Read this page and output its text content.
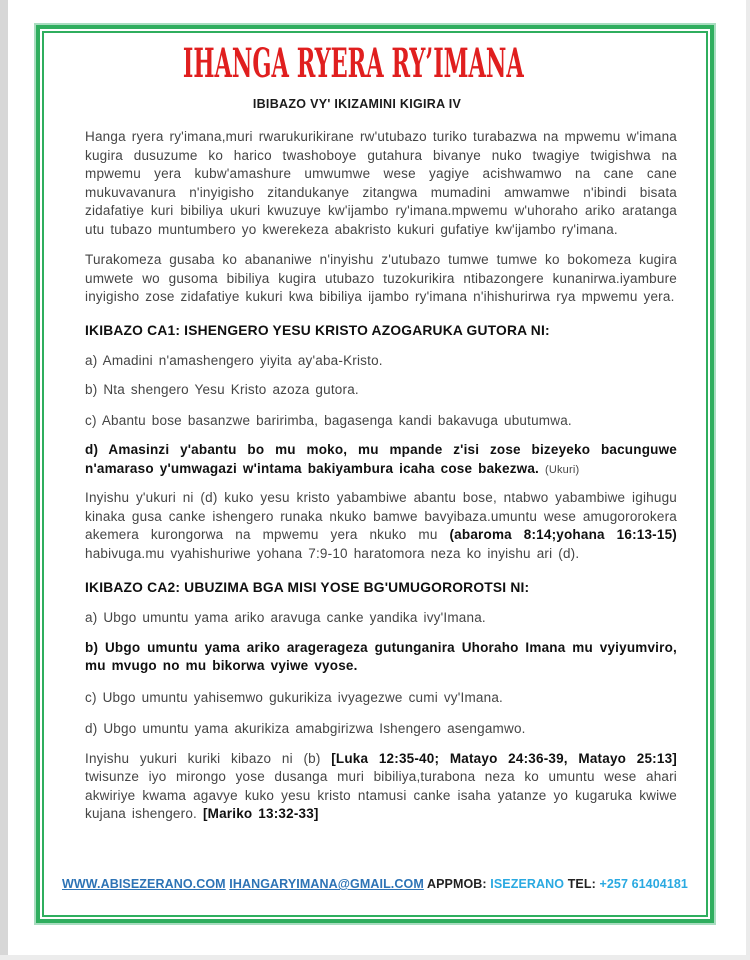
IHANGA RYERA RY’IMANA
IBIBAZO VY' IKIZAMINI KIGIRA IV

Hanga ryera ry'imana,muri rwarukurikirane rw'utubazo turiko turabazwa na mpwemu w'imana kugira dusuzume ko harico twashoboye gutahura bivanye nuko twagiye twigishwa na mpwemu yera kubw'amashure umwumwe wese yagiye acishwamwo na cane cane mukuvavanura n'inyigisho zitandukanye zitangwa mumadini amwamwe n'ibindi bisata zidafatiye kuri bibiliya ukuri kwuzuye kw'ijambo ry'imana.mpwemu w'uhoraho ariko aratanga utu tubazo muntumbero yo kwerekeza abakristo kukuri gufatiye kw'ijambo ry'imana.

Turakomeza gusaba ko abananiwe n'inyishu z'utubazo tumwe tumwe ko bokomeza kugira umwete wo gusoma bibiliya kugira utubazo tuzokurikira ntibazongere kunanirwa.iyambure inyigisho zose zidafatiye kukuri kwa bibiliya ijambo ry'imana n'ihishurirwa rya mpwemu yera.

IKIBAZO CA1: ISHENGERO YESU KRISTO AZOGARUKA GUTORA NI:

a) Amadini n'amashengero yiyita ay'aba-Kristo.

b) Nta shengero Yesu Kristo azoza gutora.

c) Abantu bose basanzwe baririmba, bagasenga kandi bakavuga ubutumwa.

d) Amasinzi y'abantu bo mu moko, mu mpande z'isi zose bizeyeko bacunguwe n'amaraso y'umwagazi w'intama bakiyambura icaha cose bakezwa. (Ukuri)

Inyishu y'ukuri ni (d) kuko yesu kristo yabambiwe abantu bose, ntabwo yabambiwe igihugu kinaka gusa canke ishengero runaka nkuko bamwe bavyibaza.umuntu wese amugororokera akemera kurongorwa na mpwemu yera nkuko mu (abaroma 8:14;yohana 16:13-15) habivuga.mu vyahishuriwe yohana 7:9-10 haratomora neza ko inyishu ari (d).

IKIBAZO CA2: UBUZIMA BGA MISI YOSE BG'UMUGOROROTSI NI:

a) Ubgo umuntu yama ariko aravuga canke yandika ivy'Imana.

b) Ubgo umuntu yama ariko aragerageza gutunganira Uhoraho Imana mu vyiyumviro, mu mvugo no mu bikorwa vyiwe vyose.

c) Ubgo umuntu yahisemwo gukurikiza ivyagezwe cumi vy'Imana.

d) Ubgo umuntu yama akurikiza amabgirizwa Ishengero asengamwo.

Inyishu yukuri kuriki kibazo ni (b) [Luka 12:35-40; Matayo 24:36-39, Matayo 25:13] twisunze iyo mirongo yose dusanga muri bibiliya,turabona neza ko umuntu wese ahari akwiriye kwama agavye kuko yesu kristo ntamusi canke isaha yatanze yo kugaruka kwiwe kujana ishengero. [Mariko 13:32-33]

WWW.ABISEZERANO.COM IHANGARYIMANA@GMAIL.COM APPMOB: ISEZERANO TEL: +257 61404181
